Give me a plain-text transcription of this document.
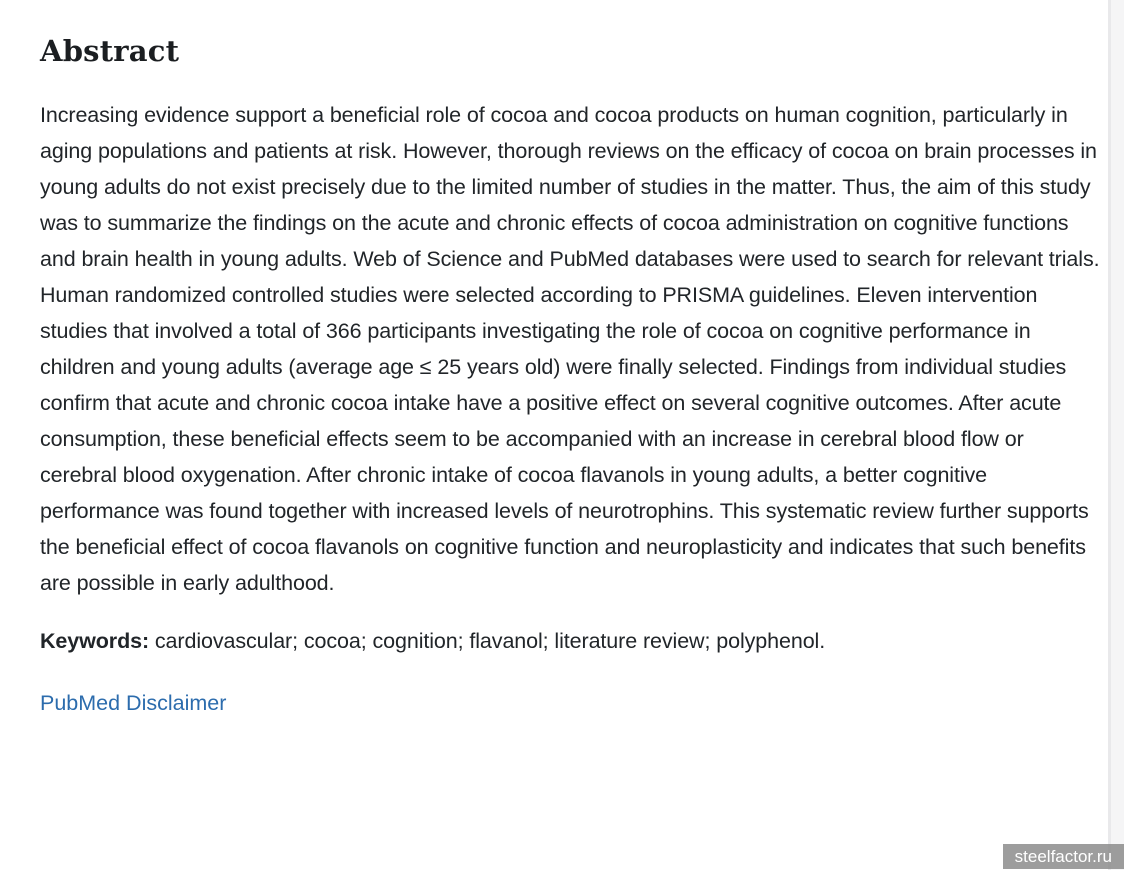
Abstract

Increasing evidence support a beneficial role of cocoa and cocoa products on human cognition, particularly in aging populations and patients at risk. However, thorough reviews on the efficacy of cocoa on brain processes in young adults do not exist precisely due to the limited number of studies in the matter. Thus, the aim of this study was to summarize the findings on the acute and chronic effects of cocoa administration on cognitive functions and brain health in young adults. Web of Science and PubMed databases were used to search for relevant trials. Human randomized controlled studies were selected according to PRISMA guidelines. Eleven intervention studies that involved a total of 366 participants investigating the role of cocoa on cognitive performance in children and young adults (average age ≤ 25 years old) were finally selected. Findings from individual studies confirm that acute and chronic cocoa intake have a positive effect on several cognitive outcomes. After acute consumption, these beneficial effects seem to be accompanied with an increase in cerebral blood flow or cerebral blood oxygenation. After chronic intake of cocoa flavanols in young adults, a better cognitive performance was found together with increased levels of neurotrophins. This systematic review further supports the beneficial effect of cocoa flavanols on cognitive function and neuroplasticity and indicates that such benefits are possible in early adulthood.

Keywords: cardiovascular; cocoa; cognition; flavanol; literature review; polyphenol.

PubMed Disclaimer
steelfactor.ru
